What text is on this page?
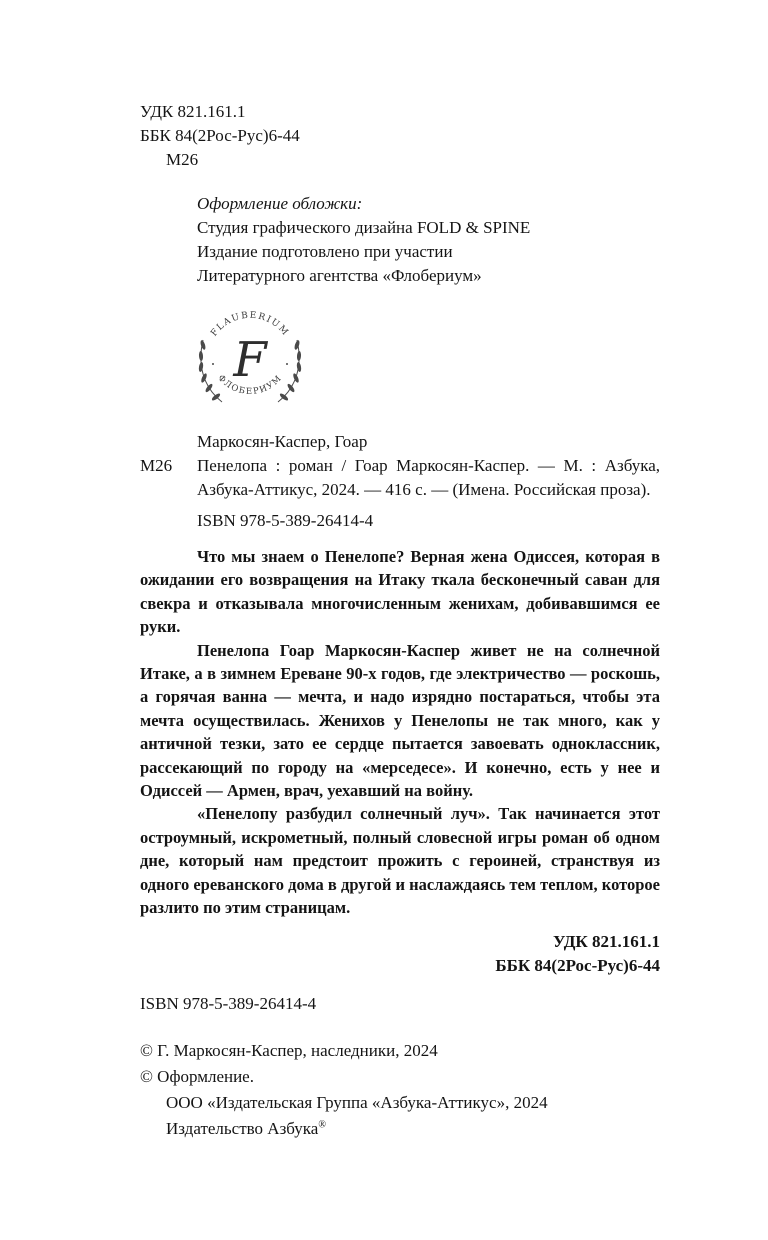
УДК 821.161.1
ББК 84(2Рос-Рус)6-44
М26
Оформление обложки:
Студия графического дизайна FOLD & SPINE
Издание подготовлено при участии
Литературного агентства «Флобериум»
FLAUBERIUM
ФЛОБЕРИУМ
F
Маркосян-Каспер, Гоар
М26 Пенелопа : роман / Гоар Маркосян-Каспер. — М. : Азбука, Азбука-Аттикус, 2024. — 416 с. — (Имена. Российская проза).

ISBN 978-5-389-26414-4

Что мы знаем о Пенелопе? Верная жена Одиссея, которая в ожидании его возвращения на Итаку ткала бесконечный саван для свекра и отказывала многочисленным женихам, добивавшимся ее руки.

Пенелопа Гоар Маркосян-Каспер живет не на солнечной Итаке, а в зимнем Ереване 90-х годов, где электричество — роскошь, а горячая ванна — мечта, и надо изрядно постараться, чтобы эта мечта осуществилась. Женихов у Пенелопы не так много, как у античной тезки, зато ее сердце пытается завоевать одноклассник, рассекающий по городу на «мерседесе». И конечно, есть у нее и Одиссей — Армен, врач, уехавший на войну.

«Пенелопу разбудил солнечный луч». Так начинается этот остроумный, искрометный, полный словесной игры роман об одном дне, который нам предстоит прожить с героиней, странствуя из одного ереванского дома в другой и наслаждаясь тем теплом, которое разлито по этим страницам.

УДК 821.161.1
ББК 84(2Рос-Рус)6-44
ISBN 978-5-389-26414-4
© Г. Маркосян-Каспер, наследники, 2024
© Оформление.
ООО «Издательская Группа «Азбука-Аттикус», 2024
Издательство Азбука®
